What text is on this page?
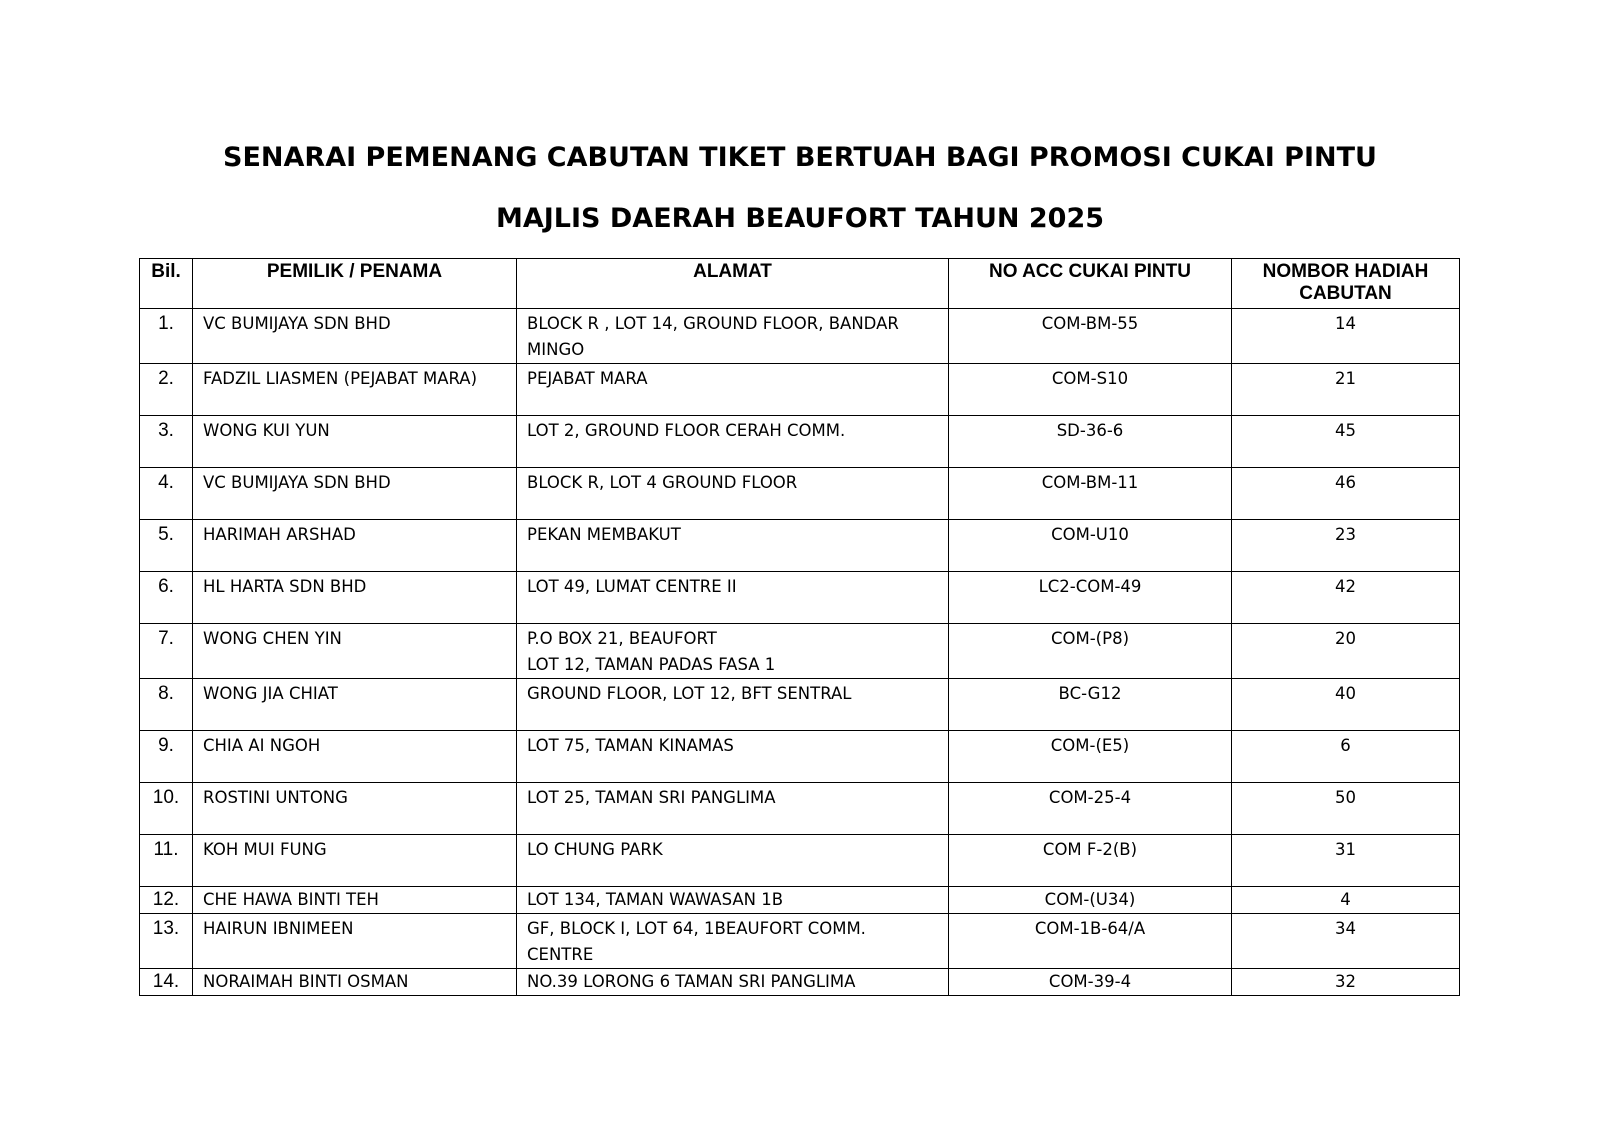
SENARAI PEMENANG CABUTAN TIKET BERTUAH BAGI PROMOSI CUKAI PINTU
MAJLIS DAERAH BEAUFORT TAHUN 2025
Bil.	PEMILIK / PENAMA	ALAMAT	NO ACC CUKAI PINTU	NOMBOR HADIAH
CABUTAN

1.	VC BUMIJAYA SDN BHD	BLOCK R , LOT 14, GROUND FLOOR, BANDAR
MINGO	COM-BM-55	14
2.	FADZIL LIASMEN (PEJABAT MARA)	PEJABAT MARA	COM-S10	21
3.	WONG KUI YUN	LOT 2, GROUND FLOOR CERAH COMM.	SD-36-6	45
4.	VC BUMIJAYA SDN BHD	BLOCK R, LOT 4 GROUND FLOOR	COM-BM-11	46
5.	HARIMAH ARSHAD	PEKAN MEMBAKUT	COM-U10	23
6.	HL HARTA SDN BHD	LOT 49, LUMAT CENTRE II	LC2-COM-49	42
7.	WONG CHEN YIN	P.O BOX 21, BEAUFORT
LOT 12, TAMAN PADAS FASA 1	COM-(P8)	20
8.	WONG JIA CHIAT	GROUND FLOOR, LOT 12, BFT SENTRAL	BC-G12	40
9.	CHIA AI NGOH	LOT 75, TAMAN KINAMAS	COM-(E5)	6
10.	ROSTINI UNTONG	LOT 25, TAMAN SRI PANGLIMA	COM-25-4	50
11.	KOH MUI FUNG	LO CHUNG PARK	COM F-2(B)	31
12.	CHE HAWA BINTI TEH	LOT 134, TAMAN WAWASAN 1B	COM-(U34)	4
13.	HAIRUN IBNIMEEN	GF, BLOCK I, LOT 64, 1BEAUFORT COMM.
CENTRE	COM-1B-64/A	34
14.	NORAIMAH BINTI OSMAN	NO.39 LORONG 6 TAMAN SRI PANGLIMA	COM-39-4	32
